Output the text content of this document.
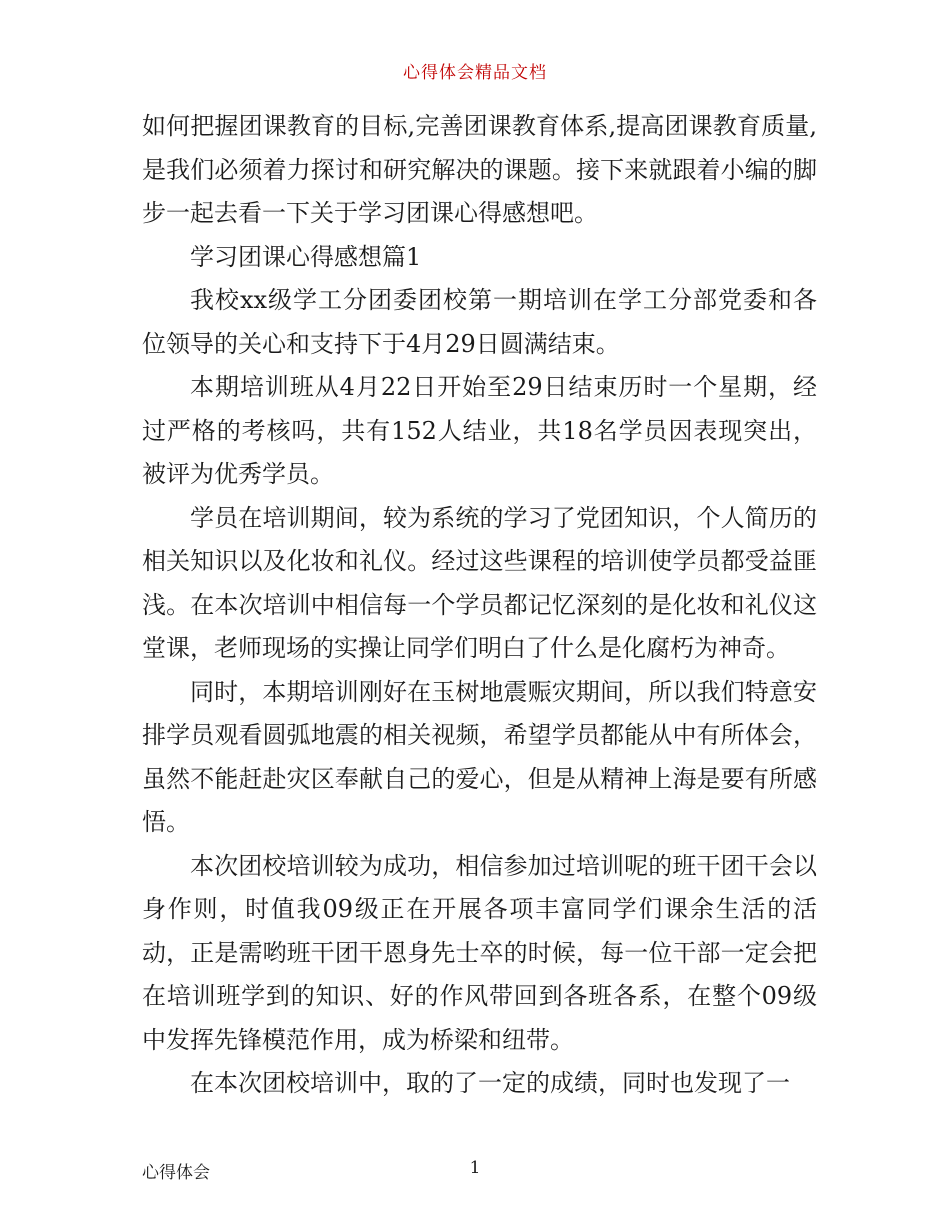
心得体会精品文档

如何把握团课教育的目标,完善团课教育体系,提高团课教育质量,是我们必须着力探讨和研究解决的课题。接下来就跟着小编的脚步一起去看一下关于学习团课心得感想吧。

学习团课心得感想篇1

我校xx级学工分团委团校第一期培训在学工分部党委和各位领导的关心和支持下于4月29日圆满结束。

本期培训班从4月22日开始至29日结束历时一个星期，经过严格的考核吗，共有152人结业，共18名学员因表现突出，被评为优秀学员。

学员在培训期间，较为系统的学习了党团知识，个人简历的相关知识以及化妆和礼仪。经过这些课程的培训使学员都受益匪浅。在本次培训中相信每一个学员都记忆深刻的是化妆和礼仪这堂课，老师现场的实操让同学们明白了什么是化腐朽为神奇。

同时，本期培训刚好在玉树地震赈灾期间，所以我们特意安排学员观看圆弧地震的相关视频，希望学员都能从中有所体会，虽然不能赶赴灾区奉献自己的爱心，但是从精神上海是要有所感悟。

本次团校培训较为成功，相信参加过培训呢的班干团干会以身作则，时值我09级正在开展各项丰富同学们课余生活的活动，正是需哟班干团干恩身先士卒的时候，每一位干部一定会把在培训班学到的知识、好的作风带回到各班各系，在整个09级中发挥先锋模范作用，成为桥梁和纽带。

在本次团校培训中，取的了一定的成绩，同时也发现了一

心得体会	1
